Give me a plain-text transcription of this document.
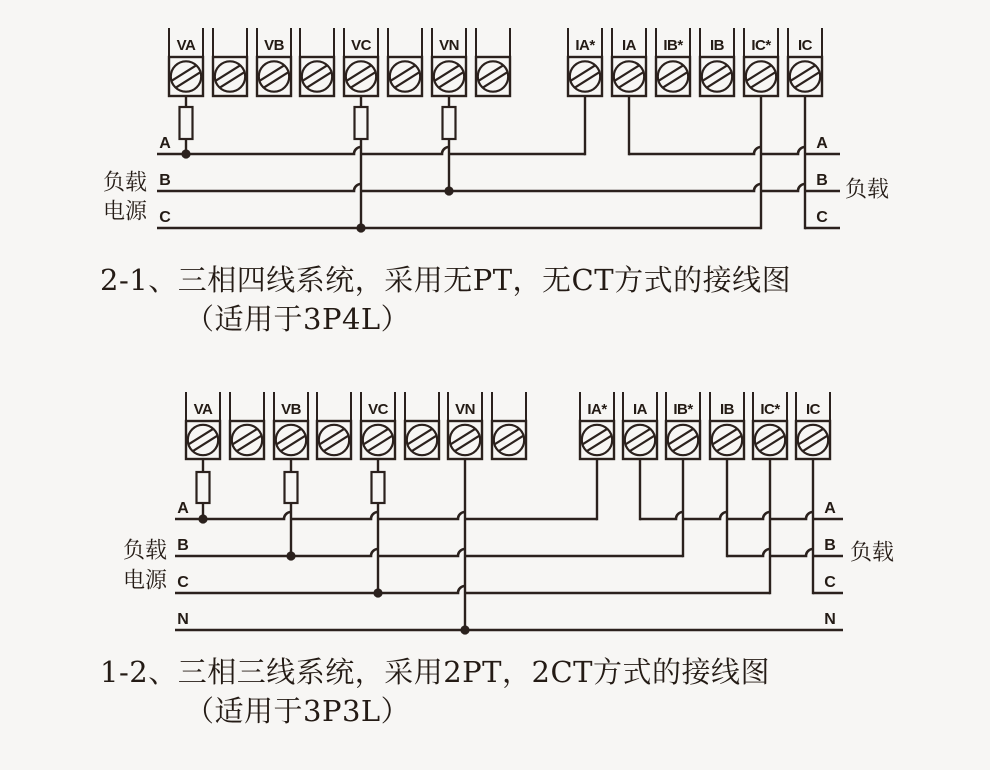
VA	VB	VC	VN	IA* IA IB* IB IC* IC
A	A
B	B
C	C
负载
电源
负载
VA	VB	VC	VN	IA* IA IB* IB IC* IC
A	A
B	B
C	C
N	N
负载
电源
负载
2-1、三相四线系统，采用无PT，无CT方式的接线图
（适用于3P4L）
1-2、三相三线系统，采用2PT，2CT方式的接线图
（适用于3P3L）
